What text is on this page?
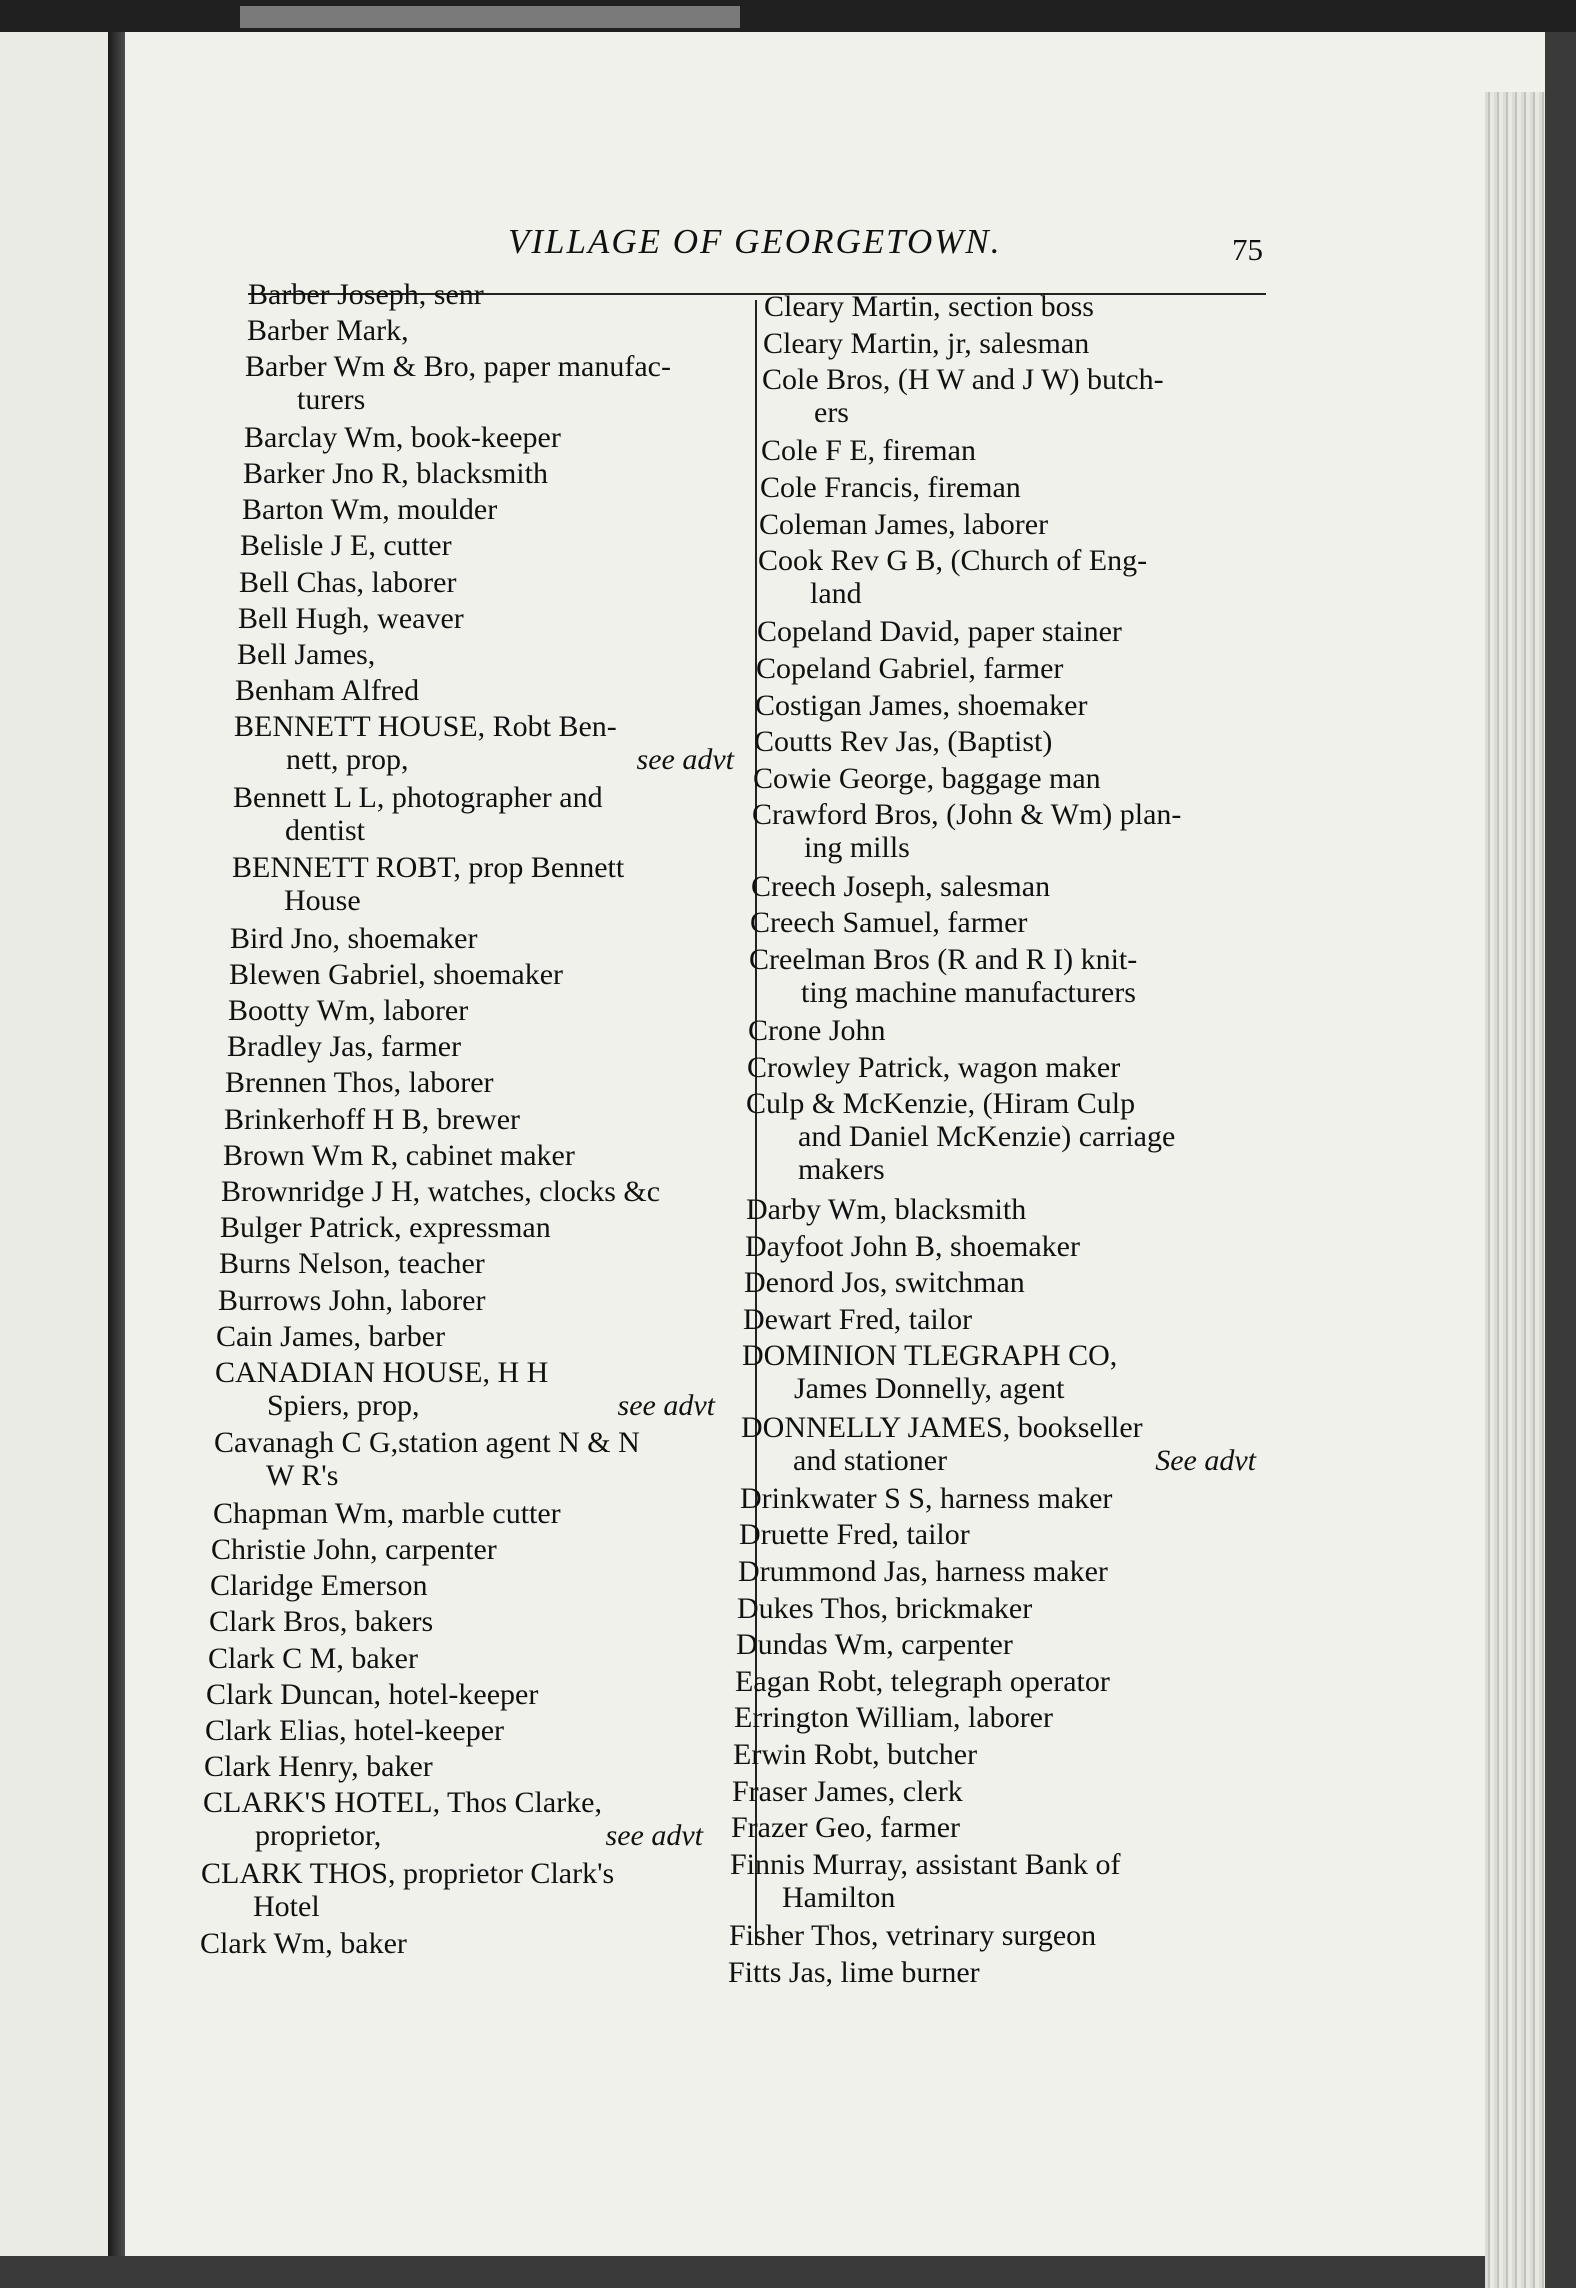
VILLAGE OF GEORGETOWN.	75
Barber Joseph, senr
Barber Mark,
Barber Wm & Bro, paper manufac-
turers
Barclay Wm, book-keeper
Barker Jno R, blacksmith
Barton Wm, moulder
Belisle J E, cutter
Bell Chas, laborer
Bell Hugh, weaver
Bell James,
Benham Alfred
BENNETT HOUSE, Robt Ben-
nett, prop,	see advt
Bennett L L, photographer and
dentist
BENNETT ROBT, prop Bennett
House
Bird Jno, shoemaker
Blewen Gabriel, shoemaker
Bootty Wm, laborer
Bradley Jas, farmer
Brennen Thos, laborer
Brinkerhoff H B, brewer
Brown Wm R, cabinet maker
Brownridge J H, watches, clocks &c
Bulger Patrick, expressman
Burns Nelson, teacher
Burrows John, laborer
Cain James, barber
CANADIAN HOUSE, H H
Spiers, prop,	see advt
Cavanagh C G,station agent N & N
W R's
Chapman Wm, marble cutter
Christie John, carpenter
Claridge Emerson
Clark Bros, bakers
Clark C M, baker
Clark Duncan, hotel-keeper
Clark Elias, hotel-keeper
Clark Henry, baker
CLARK'S HOTEL, Thos Clarke,
proprietor,	see advt
CLARK THOS, proprietor Clark's
Hotel
Clark Wm, baker
Cleary Martin, section boss
Cleary Martin, jr, salesman
Cole Bros, (H W and J W) butch-
ers
Cole F E, fireman
Cole Francis, fireman
Coleman James, laborer
Cook Rev G B, (Church of Eng-
land
Copeland David, paper stainer
Copeland Gabriel, farmer
Costigan James, shoemaker
Coutts Rev Jas, (Baptist)
Cowie George, baggage man
Crawford Bros, (John & Wm) plan-
ing mills
Creech Joseph, salesman
Creech Samuel, farmer
Creelman Bros (R and R I) knit-
ting machine manufacturers
Crone John
Crowley Patrick, wagon maker
Culp & McKenzie, (Hiram Culp
and Daniel McKenzie) carriage
makers
Darby Wm, blacksmith
Dayfoot John B, shoemaker
Denord Jos, switchman
Dewart Fred, tailor
DOMINION TLEGRAPH CO,
James Donnelly, agent
DONNELLY JAMES, bookseller
and stationer	See advt
Drinkwater S S, harness maker
Druette Fred, tailor
Drummond Jas, harness maker
Dukes Thos, brickmaker
Dundas Wm, carpenter
Eagan Robt, telegraph operator
Errington William, laborer
Erwin Robt, butcher
Fraser James, clerk
Frazer Geo, farmer
Finnis Murray, assistant Bank of
Hamilton
Fisher Thos, vetrinary surgeon
Fitts Jas, lime burner
